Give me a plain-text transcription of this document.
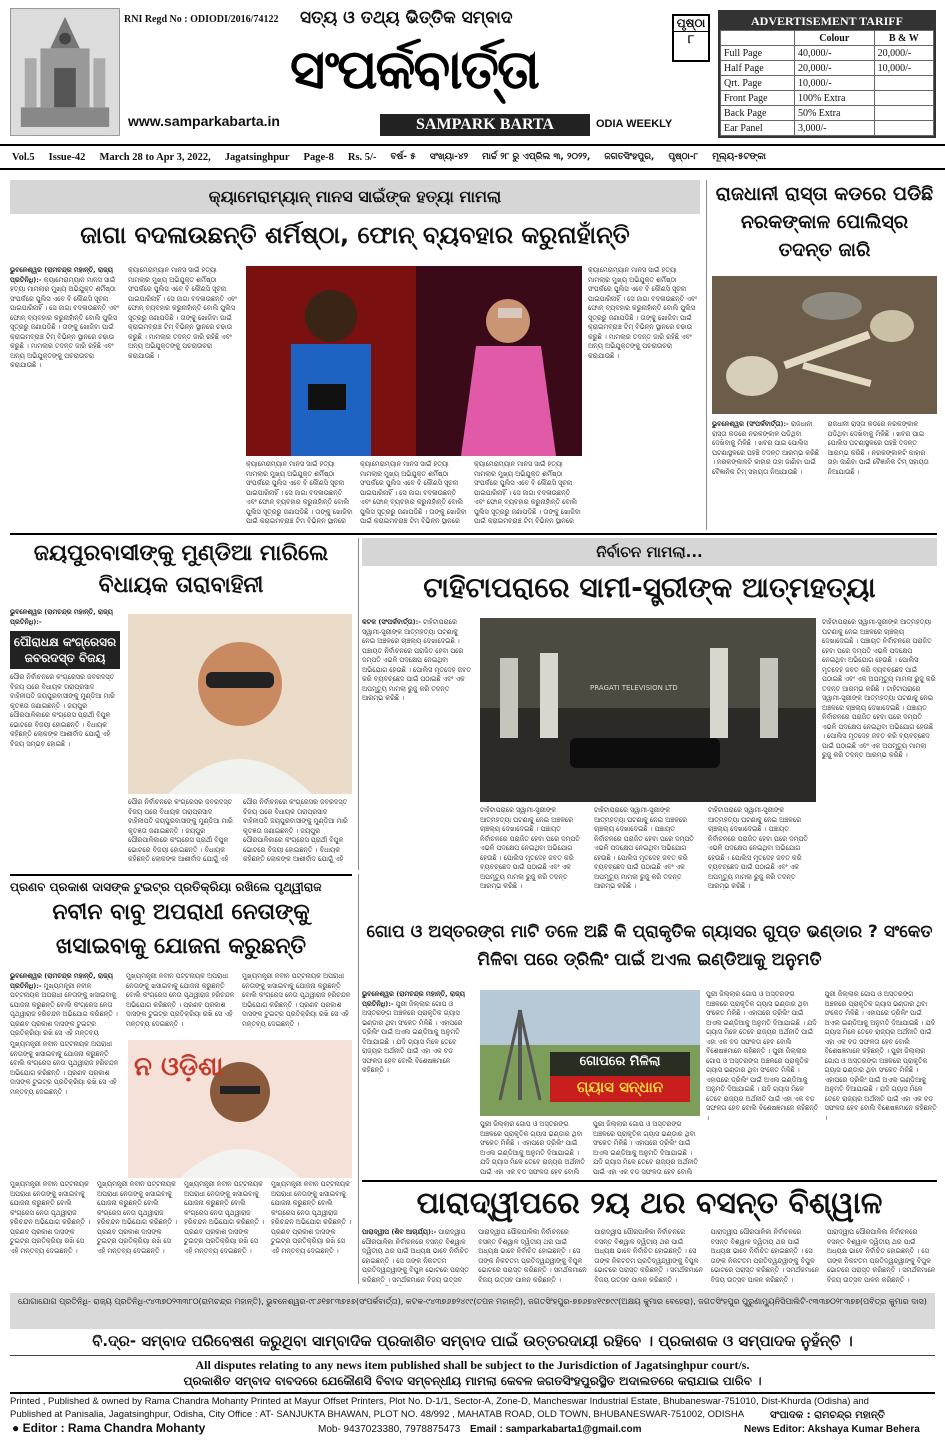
RNI Regd No : ODIODI/2016/74122 ସତ୍ୟ ଓ ତଥ୍ୟ ଭିତ୍ତିକ ସମ୍ବାଦ
ସଂପର୍କବାର୍ତ୍ତା
www.samparkabarta.in	SAMPARK BARTA	ODIA WEEKLY
ପୃଷ୍ଠା
୮
ADVERTISEMENT TARIFF
	Colour	B & W
Full Page	40,000/-	20,000/-
Half Page	20,000/-	10,000/-
Qrt. Page	10,000/-	
Front Page	100% Extra	
Back Page	50% Extra	
Ear Panel	3,000/-	
Vol.5 Issue-42 March 28 to Apr 3, 2022, Jagatsinghpur Page-8 Rs. 5/- ବର୍ଷ- ୫ ସଂଖ୍ୟା-୪୨ ମାର୍ଚ୍ଚ ୨୮ ରୁ ଏପ୍ରିଲ ୩, ୨୦୨୨, ଜଗତସିଂହପୁର, ପୃଷ୍ଠା-୮ ମୂଲ୍ୟ-୫ଟଙ୍କା
କ୍ୟାମେରାମ୍ୟାନ୍ ମାନସ ସାଇଁଙ୍କ ହତ୍ୟା ମାମଲା
ଜାଗା ବଦଳାଉଛନ୍ତି ଶର୍ମିଷ୍ଠା, ଫୋନ୍ ବ୍ୟବହାର କରୁନାହାଁନ୍ତି
ଭୁବନେଶ୍ୱର (ରାମଚନ୍ଦ୍ର ମହାନ୍ତି, ରାଜ୍ୟ ପ୍ରତିନିଧି):- କ୍ୟାମେରାମ୍ୟାନ ମାନସ ସାଇଁ ହତ୍ୟା ମାମଲାର ମୁଖ୍ୟ ଅଭିଯୁକ୍ତ ଶର୍ମିଷ୍ଠା ସଂପର୍କରେ ପୁଲିସ ଏବେ ବି କୌଣସି ସୂଚନା ପାଇପାରିନାହିଁ । ସେ ଜାଗା ବଦଳାଉଛନ୍ତି ଏବଂ ଫୋନ୍ ବ୍ୟବହାର କରୁନାହାଁନ୍ତି ବୋଲି ପୁଲିସ ସୂତ୍ରରୁ ଜଣାପଡିଛି । ତାଙ୍କୁ ଖୋଜିବା ପାଇଁ କ୍ରାଇମବ୍ରାଞ୍ଚ ଟିମ୍ ବିଭିନ୍ନ ସ୍ଥାନରେ ଚଢାଉ କରୁଛି । ମାମଲାର ତଦନ୍ତ ଜାରି ରହିଛି ଏବଂ ଅନ୍ୟ ଅଭିଯୁକ୍ତଙ୍କୁ ପଚରାଉଚରା କରାଯାଉଛି ।
କ୍ୟାମେରାମ୍ୟାନ ମାନସ ସାଇଁ ହତ୍ୟା ମାମଲାର ମୁଖ୍ୟ ଅଭିଯୁକ୍ତ ଶର୍ମିଷ୍ଠା ସଂପର୍କରେ ପୁଲିସ ଏବେ ବି କୌଣସି ସୂଚନା ପାଇପାରିନାହିଁ । ସେ ଜାଗା ବଦଳାଉଛନ୍ତି ଏବଂ ଫୋନ୍ ବ୍ୟବହାର କରୁନାହାଁନ୍ତି ବୋଲି ପୁଲିସ ସୂତ୍ରରୁ ଜଣାପଡିଛି । ତାଙ୍କୁ ଖୋଜିବା ପାଇଁ କ୍ରାଇମବ୍ରାଞ୍ଚ ଟିମ୍ ବିଭିନ୍ନ ସ୍ଥାନରେ ଚଢାଉ କରୁଛି । ମାମଲାର ତଦନ୍ତ ଜାରି ରହିଛି ଏବଂ ଅନ୍ୟ ଅଭିଯୁକ୍ତଙ୍କୁ ପଚରାଉଚରା କରାଯାଉଛି ।
କ୍ୟାମେରାମ୍ୟାନ ମାନସ ସାଇଁ ହତ୍ୟା ମାମଲାର ମୁଖ୍ୟ ଅଭିଯୁକ୍ତ ଶର୍ମିଷ୍ଠା ସଂପର୍କରେ ପୁଲିସ ଏବେ ବି କୌଣସି ସୂଚନା ପାଇପାରିନାହିଁ । ସେ ଜାଗା ବଦଳାଉଛନ୍ତି ଏବଂ ଫୋନ୍ ବ୍ୟବହାର କରୁନାହାଁନ୍ତି ବୋଲି ପୁଲିସ ସୂତ୍ରରୁ ଜଣାପଡିଛି । ତାଙ୍କୁ ଖୋଜିବା ପାଇଁ କ୍ରାଇମବ୍ରାଞ୍ଚ ଟିମ୍ ବିଭିନ୍ନ ସ୍ଥାନରେ
କ୍ୟାମେରାମ୍ୟାନ ମାନସ ସାଇଁ ହତ୍ୟା ମାମଲାର ମୁଖ୍ୟ ଅଭିଯୁକ୍ତ ଶର୍ମିଷ୍ଠା ସଂପର୍କରେ ପୁଲିସ ଏବେ ବି କୌଣସି ସୂଚନା ପାଇପାରିନାହିଁ । ସେ ଜାଗା ବଦଳାଉଛନ୍ତି ଏବଂ ଫୋନ୍ ବ୍ୟବହାର କରୁନାହାଁନ୍ତି ବୋଲି ପୁଲିସ ସୂତ୍ରରୁ ଜଣାପଡିଛି । ତାଙ୍କୁ ଖୋଜିବା ପାଇଁ କ୍ରାଇମବ୍ରାଞ୍ଚ ଟିମ୍ ବିଭିନ୍ନ ସ୍ଥାନରେ
କ୍ୟାମେରାମ୍ୟାନ ମାନସ ସାଇଁ ହତ୍ୟା ମାମଲାର ମୁଖ୍ୟ ଅଭିଯୁକ୍ତ ଶର୍ମିଷ୍ଠା ସଂପର୍କରେ ପୁଲିସ ଏବେ ବି କୌଣସି ସୂଚନା ପାଇପାରିନାହିଁ । ସେ ଜାଗା ବଦଳାଉଛନ୍ତି ଏବଂ ଫୋନ୍ ବ୍ୟବହାର କରୁନାହାଁନ୍ତି ବୋଲି ପୁଲିସ ସୂତ୍ରରୁ ଜଣାପଡିଛି । ତାଙ୍କୁ ଖୋଜିବା ପାଇଁ କ୍ରାଇମବ୍ରାଞ୍ଚ ଟିମ୍ ବିଭିନ୍ନ ସ୍ଥାନରେ
କ୍ୟାମେରାମ୍ୟାନ ମାନସ ସାଇଁ ହତ୍ୟା ମାମଲାର ମୁଖ୍ୟ ଅଭିଯୁକ୍ତ ଶର୍ମିଷ୍ଠା ସଂପର୍କରେ ପୁଲିସ ଏବେ ବି କୌଣସି ସୂଚନା ପାଇପାରିନାହିଁ । ସେ ଜାଗା ବଦଳାଉଛନ୍ତି ଏବଂ ଫୋନ୍ ବ୍ୟବହାର କରୁନାହାଁନ୍ତି ବୋଲି ପୁଲିସ ସୂତ୍ରରୁ ଜଣାପଡିଛି । ତାଙ୍କୁ ଖୋଜିବା ପାଇଁ କ୍ରାଇମବ୍ରାଞ୍ଚ ଟିମ୍ ବିଭିନ୍ନ ସ୍ଥାନରେ ଚଢାଉ କରୁଛି । ମାମଲାର ତଦନ୍ତ ଜାରି ରହିଛି ଏବଂ ଅନ୍ୟ ଅଭିଯୁକ୍ତଙ୍କୁ ପଚରାଉଚରା କରାଯାଉଛି ।
ରାଜଧାନୀ ରାସ୍ତା କଡରେ ପଡିଛି ନରକଙ୍କାଳ ପୋଲିସ୍‌ର ତଦନ୍ତ ଜାରି
ଭୁବନେଶ୍ୱର (ସଂପର୍କବାର୍ତ୍ତା):- ରାଜଧାନୀ ରାସ୍ତା କଡରେ ନରକଙ୍କାଳ ପଡିଥିବା ଦେଖିବାକୁ ମିଳିଛି । ଖବର ପାଇ ପୋଲିସ ଘଟଣାସ୍ଥଳରେ ପହଞ୍ଚି ତଦନ୍ତ ଆରମ୍ଭ କରିଛି । ନରକଙ୍କାଳଟି କାହାର ତାହା ଜାଣିବା ପାଇଁ ବୈଜ୍ଞାନିକ ଟିମ୍ ସହାୟତା ନିଆଯାଉଛି ।
ରାଜଧାନୀ ରାସ୍ତା କଡରେ ନରକଙ୍କାଳ ପଡିଥିବା ଦେଖିବାକୁ ମିଳିଛି । ଖବର ପାଇ ପୋଲିସ ଘଟଣାସ୍ଥଳରେ ପହଞ୍ଚି ତଦନ୍ତ ଆରମ୍ଭ କରିଛି । ନରକଙ୍କାଳଟି କାହାର ତାହା ଜାଣିବା ପାଇଁ ବୈଜ୍ଞାନିକ ଟିମ୍ ସହାୟତା ନିଆଯାଉଛି ।
ଜୟପୁରବାସୀଙ୍କୁ ମୁଣ୍ଡିଆ ମାରିଲେ ବିଧାୟକ ତାରାବାହିନୀ
ଭୁବନେଶ୍ୱର (ରାମଚନ୍ଦ୍ର ମହାନ୍ତି, ରାଜ୍ୟ ପ୍ରତିନିଧି):-
ପୌରାଧକ୍ଷ କଂଗ୍ରେସର ଜବରଦସ୍ତ ବିଜୟ
ପୌର ନିର୍ବାଚନରେ କଂଗ୍ରେସର ଜବରଦସ୍ତ ବିଜୟ ପରେ ବିଧାୟକ ତାରାପ୍ରସାଦ ବାହିନୀପତି ଜୟପୁରବାସୀଙ୍କୁ ମୁଣ୍ଡିଆ ମାରି କୃତଜ୍ଞତା ଜଣାଇଛନ୍ତି । ଜୟପୁର ପୌରପାଳିକାରେ କଂଗ୍ରେସ ପ୍ରାର୍ଥୀ ବିପୁଳ ଭୋଟରେ ବିଜୟୀ ହୋଇଛନ୍ତି । ବିଧାୟକ କହିଛନ୍ତି ଲୋକଙ୍କ ଆଶୀର୍ବାଦ ଯୋଗୁଁ ଏହି ବିଜୟ ସମ୍ଭବ ହୋଇଛି ।
ପୌର ନିର୍ବାଚନରେ କଂଗ୍ରେସର ଜବରଦସ୍ତ ବିଜୟ ପରେ ବିଧାୟକ ତାରାପ୍ରସାଦ ବାହିନୀପତି ଜୟପୁରବାସୀଙ୍କୁ ମୁଣ୍ଡିଆ ମାରି କୃତଜ୍ଞତା ଜଣାଇଛନ୍ତି । ଜୟପୁର ପୌରପାଳିକାରେ କଂଗ୍ରେସ ପ୍ରାର୍ଥୀ ବିପୁଳ ଭୋଟରେ ବିଜୟୀ ହୋଇଛନ୍ତି । ବିଧାୟକ କହିଛନ୍ତି ଲୋକଙ୍କ ଆଶୀର୍ବାଦ ଯୋଗୁଁ ଏହି
ପୌର ନିର୍ବାଚନରେ କଂଗ୍ରେସର ଜବରଦସ୍ତ ବିଜୟ ପରେ ବିଧାୟକ ତାରାପ୍ରସାଦ ବାହିନୀପତି ଜୟପୁରବାସୀଙ୍କୁ ମୁଣ୍ଡିଆ ମାରି କୃତଜ୍ଞତା ଜଣାଇଛନ୍ତି । ଜୟପୁର ପୌରପାଳିକାରେ କଂଗ୍ରେସ ପ୍ରାର୍ଥୀ ବିପୁଳ ଭୋଟରେ ବିଜୟୀ ହୋଇଛନ୍ତି । ବିଧାୟକ କହିଛନ୍ତି ଲୋକଙ୍କ ଆଶୀର୍ବାଦ ଯୋଗୁଁ ଏହି
ନିର୍ବାଚନ ମାମଲା...
ଟାହିଟାପରାରେ ସାମୀ-ସ୍ତ୍ରୀଙ୍କ ଆତ୍ମହତ୍ୟା
କଟକ (ସଂପର୍କବାର୍ତ୍ତା):- ଟାହିଟାପରାରେ ସ୍ୱାମୀ-ସ୍ତ୍ରୀଙ୍କ ଆତ୍ମହତ୍ୟା ଘଟଣାକୁ ନେଇ ଅଞ୍ଚଳରେ ଚାଞ୍ଚଲ୍ୟ ଦେଖାଦେଇଛି । ପଞ୍ଚାୟତ ନିର୍ବାଚନରେ ପରାଜିତ ହେବା ପରେ ଦମ୍ପତି ଏଭଳି ପଦକ୍ଷେପ ନେଇଥିବା ଅଭିଯୋଗ ହେଉଛି । ପୋଲିସ ମୃତଦେହ ଜବତ କରି ବ୍ୟବଚ୍ଛେଦ ପାଇଁ ପଠାଇଛି ଏବଂ ଏକ ଅପମୃତ୍ୟୁ ମାମଲା ରୁଜୁ କରି ତଦନ୍ତ ଆରମ୍ଭ କରିଛି ।
PRAGATI TELEVISION LTD
ଟାହିଟାପରାରେ ସ୍ୱାମୀ-ସ୍ତ୍ରୀଙ୍କ ଆତ୍ମହତ୍ୟା ଘଟଣାକୁ ନେଇ ଅଞ୍ଚଳରେ ଚାଞ୍ଚଲ୍ୟ ଦେଖାଦେଇଛି । ପଞ୍ଚାୟତ ନିର୍ବାଚନରେ ପରାଜିତ ହେବା ପରେ ଦମ୍ପତି ଏଭଳି ପଦକ୍ଷେପ ନେଇଥିବା ଅଭିଯୋଗ ହେଉଛି । ପୋଲିସ ମୃତଦେହ ଜବତ କରି ବ୍ୟବଚ୍ଛେଦ ପାଇଁ ପଠାଇଛି ଏବଂ ଏକ ଅପମୃତ୍ୟୁ ମାମଲା ରୁଜୁ କରି ତଦନ୍ତ ଆରମ୍ଭ କରିଛି ।
ଟାହିଟାପରାରେ ସ୍ୱାମୀ-ସ୍ତ୍ରୀଙ୍କ ଆତ୍ମହତ୍ୟା ଘଟଣାକୁ ନେଇ ଅଞ୍ଚଳରେ ଚାଞ୍ଚଲ୍ୟ ଦେଖାଦେଇଛି । ପଞ୍ଚାୟତ ନିର୍ବାଚନରେ ପରାଜିତ ହେବା ପରେ ଦମ୍ପତି ଏଭଳି ପଦକ୍ଷେପ ନେଇଥିବା ଅଭିଯୋଗ ହେଉଛି । ପୋଲିସ ମୃତଦେହ ଜବତ କରି ବ୍ୟବଚ୍ଛେଦ ପାଇଁ ପଠାଇଛି ଏବଂ ଏକ ଅପମୃତ୍ୟୁ ମାମଲା ରୁଜୁ କରି ତଦନ୍ତ ଆରମ୍ଭ କରିଛି ।
ଟାହିଟାପରାରେ ସ୍ୱାମୀ-ସ୍ତ୍ରୀଙ୍କ ଆତ୍ମହତ୍ୟା ଘଟଣାକୁ ନେଇ ଅଞ୍ଚଳରେ ଚାଞ୍ଚଲ୍ୟ ଦେଖାଦେଇଛି । ପଞ୍ଚାୟତ ନିର୍ବାଚନରେ ପରାଜିତ ହେବା ପରେ ଦମ୍ପତି ଏଭଳି ପଦକ୍ଷେପ ନେଇଥିବା ଅଭିଯୋଗ ହେଉଛି । ପୋଲିସ ମୃତଦେହ ଜବତ କରି ବ୍ୟବଚ୍ଛେଦ ପାଇଁ ପଠାଇଛି ଏବଂ ଏକ ଅପମୃତ୍ୟୁ ମାମଲା ରୁଜୁ କରି ତଦନ୍ତ ଆରମ୍ଭ କରିଛି ।
ଟାହିଟାପରାରେ ସ୍ୱାମୀ-ସ୍ତ୍ରୀଙ୍କ ଆତ୍ମହତ୍ୟା ଘଟଣାକୁ ନେଇ ଅଞ୍ଚଳରେ ଚାଞ୍ଚଲ୍ୟ ଦେଖାଦେଇଛି । ପଞ୍ଚାୟତ ନିର୍ବାଚନରେ ପରାଜିତ ହେବା ପରେ ଦମ୍ପତି ଏଭଳି ପଦକ୍ଷେପ ନେଇଥିବା ଅଭିଯୋଗ ହେଉଛି । ପୋଲିସ ମୃତଦେହ ଜବତ କରି ବ୍ୟବଚ୍ଛେଦ ପାଇଁ ପଠାଇଛି ଏବଂ ଏକ ଅପମୃତ୍ୟୁ ମାମଲା ରୁଜୁ କରି ତଦନ୍ତ ଆରମ୍ଭ କରିଛି । ଟାହିଟାପରାରେ ସ୍ୱାମୀ-ସ୍ତ୍ରୀଙ୍କ ଆତ୍ମହତ୍ୟା ଘଟଣାକୁ ନେଇ ଅଞ୍ଚଳରେ ଚାଞ୍ଚଲ୍ୟ ଦେଖାଦେଇଛି । ପଞ୍ଚାୟତ ନିର୍ବାଚନରେ ପରାଜିତ ହେବା ପରେ ଦମ୍ପତି ଏଭଳି ପଦକ୍ଷେପ ନେଇଥିବା ଅଭିଯୋଗ ହେଉଛି । ପୋଲିସ ମୃତଦେହ ଜବତ କରି ବ୍ୟବଚ୍ଛେଦ ପାଇଁ ପଠାଇଛି ଏବଂ ଏକ ଅପମୃତ୍ୟୁ ମାମଲା ରୁଜୁ କରି ତଦନ୍ତ ଆରମ୍ଭ କରିଛି ।
ପ୍ରଣବ ପ୍ରକାଶ ଦାସଙ୍କ ଟୁଇଟ୍‌ର ପ୍ରତିକ୍ରିୟା ରଖିଲେ ପୃଥ୍ୱୀରାଜ
ନବୀନ ବାବୁ ଅପରାଧୀ ନେତାଙ୍କୁ ଖସାଇବାକୁ ଯୋଜନା କରୁଛନ୍ତି
ଭୁବନେଶ୍ୱର (ରାମଚନ୍ଦ୍ର ମହାନ୍ତି, ରାଜ୍ୟ ପ୍ରତିନିଧି):- ମୁଖ୍ୟମନ୍ତ୍ରୀ ନବୀନ ପଟ୍ଟନାୟକ ଅପରାଧୀ ନେତାଙ୍କୁ ଖସାଇବାକୁ ଯୋଜନା କରୁଛନ୍ତି ବୋଲି କଂଗ୍ରେସ ନେତା ପୃଥ୍ୱୀରାଜ ହରିଚନ୍ଦନ ଅଭିଯୋଗ କରିଛନ୍ତି । ପ୍ରଣବ ପ୍ରକାଶ ଦାସଙ୍କ ଟୁଇଟ୍‌ର ପ୍ରତିକ୍ରିୟା ରଖି ସେ ଏହି ମନ୍ତବ୍ୟ
ମୁଖ୍ୟମନ୍ତ୍ରୀ ନବୀନ ପଟ୍ଟନାୟକ ଅପରାଧୀ ନେତାଙ୍କୁ ଖସାଇବାକୁ ଯୋଜନା କରୁଛନ୍ତି ବୋଲି କଂଗ୍ରେସ ନେତା ପୃଥ୍ୱୀରାଜ ହରିଚନ୍ଦନ ଅଭିଯୋଗ କରିଛନ୍ତି । ପ୍ରଣବ ପ୍ରକାଶ ଦାସଙ୍କ ଟୁଇଟ୍‌ର ପ୍ରତିକ୍ରିୟା ରଖି ସେ ଏହି ମନ୍ତବ୍ୟ ଦେଇଛନ୍ତି ।
ମୁଖ୍ୟମନ୍ତ୍ରୀ ନବୀନ ପଟ୍ଟନାୟକ ଅପରାଧୀ ନେତାଙ୍କୁ ଖସାଇବାକୁ ଯୋଜନା କରୁଛନ୍ତି ବୋଲି କଂଗ୍ରେସ ନେତା ପୃଥ୍ୱୀରାଜ ହରିଚନ୍ଦନ ଅଭିଯୋଗ କରିଛନ୍ତି । ପ୍ରଣବ ପ୍ରକାଶ ଦାସଙ୍କ ଟୁଇଟ୍‌ର ପ୍ରତିକ୍ରିୟା ରଖି ସେ ଏହି ମନ୍ତବ୍ୟ ଦେଇଛନ୍ତି ।
ମୁଖ୍ୟମନ୍ତ୍ରୀ ନବୀନ ପଟ୍ଟନାୟକ ଅପରାଧୀ ନେତାଙ୍କୁ ଖସାଇବାକୁ ଯୋଜନା କରୁଛନ୍ତି ବୋଲି କଂଗ୍ରେସ ନେତା ପୃଥ୍ୱୀରାଜ ହରିଚନ୍ଦନ ଅଭିଯୋଗ କରିଛନ୍ତି । ପ୍ରଣବ ପ୍ରକାଶ ଦାସଙ୍କ ଟୁଇଟ୍‌ର ପ୍ରତିକ୍ରିୟା ରଖି ସେ ଏହି ମନ୍ତବ୍ୟ ଦେଇଛନ୍ତି ।
ନ ଓଡ଼ିଶା
ମୁଖ୍ୟମନ୍ତ୍ରୀ ନବୀନ ପଟ୍ଟନାୟକ ଅପରାଧୀ ନେତାଙ୍କୁ ଖସାଇବାକୁ ଯୋଜନା କରୁଛନ୍ତି ବୋଲି କଂଗ୍ରେସ ନେତା ପୃଥ୍ୱୀରାଜ ହରିଚନ୍ଦନ ଅଭିଯୋଗ କରିଛନ୍ତି । ପ୍ରଣବ ପ୍ରକାଶ ଦାସଙ୍କ ଟୁଇଟ୍‌ର ପ୍ରତିକ୍ରିୟା ରଖି ସେ ଏହି ମନ୍ତବ୍ୟ ଦେଇଛନ୍ତି ।
ମୁଖ୍ୟମନ୍ତ୍ରୀ ନବୀନ ପଟ୍ଟନାୟକ ଅପରାଧୀ ନେତାଙ୍କୁ ଖସାଇବାକୁ ଯୋଜନା କରୁଛନ୍ତି ବୋଲି କଂଗ୍ରେସ ନେତା ପୃଥ୍ୱୀରାଜ ହରିଚନ୍ଦନ ଅଭିଯୋଗ କରିଛନ୍ତି । ପ୍ରଣବ ପ୍ରକାଶ ଦାସଙ୍କ ଟୁଇଟ୍‌ର ପ୍ରତିକ୍ରିୟା ରଖି ସେ ଏହି ମନ୍ତବ୍ୟ ଦେଇଛନ୍ତି ।
ମୁଖ୍ୟମନ୍ତ୍ରୀ ନବୀନ ପଟ୍ଟନାୟକ ଅପରାଧୀ ନେତାଙ୍କୁ ଖସାଇବାକୁ ଯୋଜନା କରୁଛନ୍ତି ବୋଲି କଂଗ୍ରେସ ନେତା ପୃଥ୍ୱୀରାଜ ହରିଚନ୍ଦନ ଅଭିଯୋଗ କରିଛନ୍ତି । ପ୍ରଣବ ପ୍ରକାଶ ଦାସଙ୍କ ଟୁଇଟ୍‌ର ପ୍ରତିକ୍ରିୟା ରଖି ସେ ଏହି ମନ୍ତବ୍ୟ ଦେଇଛନ୍ତି ।
ମୁଖ୍ୟମନ୍ତ୍ରୀ ନବୀନ ପଟ୍ଟନାୟକ ଅପରାଧୀ ନେତାଙ୍କୁ ଖସାଇବାକୁ ଯୋଜନା କରୁଛନ୍ତି ବୋଲି କଂଗ୍ରେସ ନେତା ପୃଥ୍ୱୀରାଜ ହରିଚନ୍ଦନ ଅଭିଯୋଗ କରିଛନ୍ତି । ପ୍ରଣବ ପ୍ରକାଶ ଦାସଙ୍କ ଟୁଇଟ୍‌ର ପ୍ରତିକ୍ରିୟା ରଖି ସେ ଏହି ମନ୍ତବ୍ୟ ଦେଇଛନ୍ତି ।
ଗୋପ ଓ ଅସ୍ତରଙ୍ଗ ମାଟି ତଳେ ଅଛି କି ପ୍ରାକୃତିକ ଗ୍ୟାସର ଗୁପ୍ତ ଭଣ୍ଡାର ? ସଂକେତ ମିଳିବା ପରେ ଡ୍ରିଲିଂ ପାଇଁ ଅଏଲ ଇଣ୍ଡିଆକୁ ଅନୁମତି
ଭୁବନେଶ୍ୱର (ରାମଚନ୍ଦ୍ର ମହାନ୍ତି, ରାଜ୍ୟ ପ୍ରତିନିଧି):- ପୁରୀ ଜିଲ୍ଲାର ଗୋପ ଓ ଅସ୍ତରଙ୍ଗ ଅଞ୍ଚଳରେ ପ୍ରାକୃତିକ ଗ୍ୟାସ ଭଣ୍ଡାର ଥିବା ସଂକେତ ମିଳିଛି । ଏହାପରେ ଡ୍ରିଲିଂ ପାଇଁ ଅଏଲ ଇଣ୍ଡିଆକୁ ଅନୁମତି ଦିଆଯାଇଛି । ଯଦି ଗ୍ୟାସ ମିଳେ ତେବେ ରାଜ୍ୟର ଅର୍ଥନୀତି ପାଇଁ ଏହା ଏକ ବଡ ସଫଳତା ହେବ ବୋଲି ବିଶେଷଜ୍ଞମାନେ କହିଛନ୍ତି ।
ଗୋପରେ ମିଳିଲା
ଗ୍ୟାସ ସନ୍ଧାନ
ପୁରୀ ଜିଲ୍ଲାର ଗୋପ ଓ ଅସ୍ତରଙ୍ଗ ଅଞ୍ଚଳରେ ପ୍ରାକୃତିକ ଗ୍ୟାସ ଭଣ୍ଡାର ଥିବା ସଂକେତ ମିଳିଛି । ଏହାପରେ ଡ୍ରିଲିଂ ପାଇଁ ଅଏଲ ଇଣ୍ଡିଆକୁ ଅନୁମତି ଦିଆଯାଇଛି । ଯଦି ଗ୍ୟାସ ମିଳେ ତେବେ ରାଜ୍ୟର ଅର୍ଥନୀତି ପାଇଁ ଏହା ଏକ ବଡ ସଫଳତା ହେବ ବୋଲି
ପୁରୀ ଜିଲ୍ଲାର ଗୋପ ଓ ଅସ୍ତରଙ୍ଗ ଅଞ୍ଚଳରେ ପ୍ରାକୃତିକ ଗ୍ୟାସ ଭଣ୍ଡାର ଥିବା ସଂକେତ ମିଳିଛି । ଏହାପରେ ଡ୍ରିଲିଂ ପାଇଁ ଅଏଲ ଇଣ୍ଡିଆକୁ ଅନୁମତି ଦିଆଯାଇଛି । ଯଦି ଗ୍ୟାସ ମିଳେ ତେବେ ରାଜ୍ୟର ଅର୍ଥନୀତି ପାଇଁ ଏହା ଏକ ବଡ ସଫଳତା ହେବ ବୋଲି
ପୁରୀ ଜିଲ୍ଲାର ଗୋପ ଓ ଅସ୍ତରଙ୍ଗ ଅଞ୍ଚଳରେ ପ୍ରାକୃତିକ ଗ୍ୟାସ ଭଣ୍ଡାର ଥିବା ସଂକେତ ମିଳିଛି । ଏହାପରେ ଡ୍ରିଲିଂ ପାଇଁ ଅଏଲ ଇଣ୍ଡିଆକୁ ଅନୁମତି ଦିଆଯାଇଛି । ଯଦି ଗ୍ୟାସ ମିଳେ ତେବେ ରାଜ୍ୟର ଅର୍ଥନୀତି ପାଇଁ ଏହା ଏକ ବଡ ସଫଳତା ହେବ ବୋଲି ବିଶେଷଜ୍ଞମାନେ କହିଛନ୍ତି । ପୁରୀ ଜିଲ୍ଲାର ଗୋପ ଓ ଅସ୍ତରଙ୍ଗ ଅଞ୍ଚଳରେ ପ୍ରାକୃତିକ ଗ୍ୟାସ ଭଣ୍ଡାର ଥିବା ସଂକେତ ମିଳିଛି । ଏହାପରେ ଡ୍ରିଲିଂ ପାଇଁ ଅଏଲ ଇଣ୍ଡିଆକୁ ଅନୁମତି ଦିଆଯାଇଛି । ଯଦି ଗ୍ୟାସ ମିଳେ ତେବେ ରାଜ୍ୟର ଅର୍ଥନୀତି ପାଇଁ ଏହା ଏକ ବଡ ସଫଳତା ହେବ ବୋଲି ବିଶେଷଜ୍ଞମାନେ କହିଛନ୍ତି ।
ପୁରୀ ଜିଲ୍ଲାର ଗୋପ ଓ ଅସ୍ତରଙ୍ଗ ଅଞ୍ଚଳରେ ପ୍ରାକୃତିକ ଗ୍ୟାସ ଭଣ୍ଡାର ଥିବା ସଂକେତ ମିଳିଛି । ଏହାପରେ ଡ୍ରିଲିଂ ପାଇଁ ଅଏଲ ଇଣ୍ଡିଆକୁ ଅନୁମତି ଦିଆଯାଇଛି । ଯଦି ଗ୍ୟାସ ମିଳେ ତେବେ ରାଜ୍ୟର ଅର୍ଥନୀତି ପାଇଁ ଏହା ଏକ ବଡ ସଫଳତା ହେବ ବୋଲି ବିଶେଷଜ୍ଞମାନେ କହିଛନ୍ତି । ପୁରୀ ଜିଲ୍ଲାର ଗୋପ ଓ ଅସ୍ତରଙ୍ଗ ଅଞ୍ଚଳରେ ପ୍ରାକୃତିକ ଗ୍ୟାସ ଭଣ୍ଡାର ଥିବା ସଂକେତ ମିଳିଛି । ଏହାପରେ ଡ୍ରିଲିଂ ପାଇଁ ଅଏଲ ଇଣ୍ଡିଆକୁ ଅନୁମତି ଦିଆଯାଇଛି । ଯଦି ଗ୍ୟାସ ମିଳେ ତେବେ ରାଜ୍ୟର ଅର୍ଥନୀତି ପାଇଁ ଏହା ଏକ ବଡ ସଫଳତା ହେବ ବୋଲି ବିଶେଷଜ୍ଞମାନେ କହିଛନ୍ତି ।
ପାରାଦ୍ୱୀପରେ ୨ୟ ଥର ବସନ୍ତ ବିଶ୍ୱାଳ
ପାରାଦ୍ୱୀପ (ଶିବ ଆଚାର୍ଯ୍ୟ):- ପାରାଦ୍ୱୀପ ପୌରପାଳିକା ନିର୍ବାଚନରେ ବସନ୍ତ ବିଶ୍ୱାଳ ଦ୍ୱିତୀୟ ଥର ପାଇଁ ଅଧ୍ୟକ୍ଷ ଭାବେ ନିର୍ବାଚିତ ହୋଇଛନ୍ତି । ସେ ତାଙ୍କ ନିକଟତମ ପ୍ରତିଦ୍ୱନ୍ଦ୍ୱୀଙ୍କୁ ବିପୁଳ ଭୋଟରେ ପରାସ୍ତ କରିଛନ୍ତି । ସମର୍ଥକମାନେ ବିଜୟ ଉତ୍ସବ
ପାରାଦ୍ୱୀପ ପୌରପାଳିକା ନିର୍ବାଚନରେ ବସନ୍ତ ବିଶ୍ୱାଳ ଦ୍ୱିତୀୟ ଥର ପାଇଁ ଅଧ୍ୟକ୍ଷ ଭାବେ ନିର୍ବାଚିତ ହୋଇଛନ୍ତି । ସେ ତାଙ୍କ ନିକଟତମ ପ୍ରତିଦ୍ୱନ୍ଦ୍ୱୀଙ୍କୁ ବିପୁଳ ଭୋଟରେ ପରାସ୍ତ କରିଛନ୍ତି । ସମର୍ଥକମାନେ ବିଜୟ ଉତ୍ସବ ପାଳନ କରିଛନ୍ତି ।
ପାରାଦ୍ୱୀପ ପୌରପାଳିକା ନିର୍ବାଚନରେ ବସନ୍ତ ବିଶ୍ୱାଳ ଦ୍ୱିତୀୟ ଥର ପାଇଁ ଅଧ୍ୟକ୍ଷ ଭାବେ ନିର୍ବାଚିତ ହୋଇଛନ୍ତି । ସେ ତାଙ୍କ ନିକଟତମ ପ୍ରତିଦ୍ୱନ୍ଦ୍ୱୀଙ୍କୁ ବିପୁଳ ଭୋଟରେ ପରାସ୍ତ କରିଛନ୍ତି । ସମର୍ଥକମାନେ ବିଜୟ ଉତ୍ସବ ପାଳନ କରିଛନ୍ତି ।
ପାରାଦ୍ୱୀପ ପୌରପାଳିକା ନିର୍ବାଚନରେ ବସନ୍ତ ବିଶ୍ୱାଳ ଦ୍ୱିତୀୟ ଥର ପାଇଁ ଅଧ୍ୟକ୍ଷ ଭାବେ ନିର୍ବାଚିତ ହୋଇଛନ୍ତି । ସେ ତାଙ୍କ ନିକଟତମ ପ୍ରତିଦ୍ୱନ୍ଦ୍ୱୀଙ୍କୁ ବିପୁଳ ଭୋଟରେ ପରାସ୍ତ କରିଛନ୍ତି । ସମର୍ଥକମାନେ ବିଜୟ ଉତ୍ସବ ପାଳନ କରିଛନ୍ତି ।
ପାରାଦ୍ୱୀପ ପୌରପାଳିକା ନିର୍ବାଚନରେ ବସନ୍ତ ବିଶ୍ୱାଳ ଦ୍ୱିତୀୟ ଥର ପାଇଁ ଅଧ୍ୟକ୍ଷ ଭାବେ ନିର୍ବାଚିତ ହୋଇଛନ୍ତି । ସେ ତାଙ୍କ ନିକଟତମ ପ୍ରତିଦ୍ୱନ୍ଦ୍ୱୀଙ୍କୁ ବିପୁଳ ଭୋଟରେ ପରାସ୍ତ କରିଛନ୍ତି । ସମର୍ଥକମାନେ ବିଜୟ ଉତ୍ସବ ପାଳନ କରିଛନ୍ତି ।
ଯୋଗାଯୋଗ ପ୍ରତିନିଧି- ରାଜ୍ୟ ପ୍ରତିନିଧି-୯୪୩୭୦୨୩୩୮୦(ରାମଚନ୍ଦ୍ର ମହାନ୍ତି), ଭୁବନେଶ୍ୱର-୯୮୬୧୭୮୩୭୫୭(ସଂପର୍କବାର୍ତ୍ତା), କଟକ-୯୪୩୭୬୭୨୪୯୯(ତପନ ମହାନ୍ତି), ଜଗତସିଂହପୁର-୭୭୬୭୪୧୯୭୯୯(ଅକ୍ଷୟ କୁମାର ବେହେରା), ଜଗତସିଂହପୁର ପୁରୁଣାମ୍ୟୁନିସିପାଲିଟି-୯୩୩୭୦୨୮୩୭୭(ପବିତ୍ର କୁମାର ଦାସ)
ବି.ଦ୍ର- ସମ୍ବାଦ ପରିବେଷଣ କରୁଥିବା ସାମ୍ବାଦିକ ପ୍ରକାଶିତ ସମ୍ବାଦ ପାଇଁ ଉତ୍ତରଦାୟୀ ରହିବେ । ପ୍ରକାଶକ ଓ ସମ୍ପାଦକ ନୁହଁନ୍ତି ।
All disputes relating to any news item published shall be subject to the Jurisdiction of Jagatsinghpur court/s.
ପ୍ରକାଶିତ ସମ୍ବାଦ ବାବଦରେ ଯେକୌଣସି ବିବାଦ ସମ୍ବନ୍ଧୀୟ ମାମଲା କେବଳ ଜଗତସିଂହପୁରସ୍ଥିତ ଅଦାଲତରେ କରାଯାଇ ପାରିବ ।
Printed , Published & owned by Rama Chandra Mohanty Printed at Mayur Offset Printers, Plot No. D-1/1, Sector-A, Zone-D, Mancheswar Industrial Estate, Bhubaneswar-751010, Dist-Khurda (Odisha) and
Published at Panisalia, Jagatsinghpur, Odisha, City Office : AT- SANJUKTA BHAWAN, PLOT NO. 48/992 , MAHATAB ROAD, OLD TOWN, BHUBANESWAR-751002, ODISHA
● Editor : Rama Chandra Mohanty	Mob- 9437023380, 7978875473 Email : samparkabarta1@gmail.com
ସଂପାଦକ : ରାମଚନ୍ଦ୍ର ମହାନ୍ତି
News Editor: Akshaya Kumar Behera
